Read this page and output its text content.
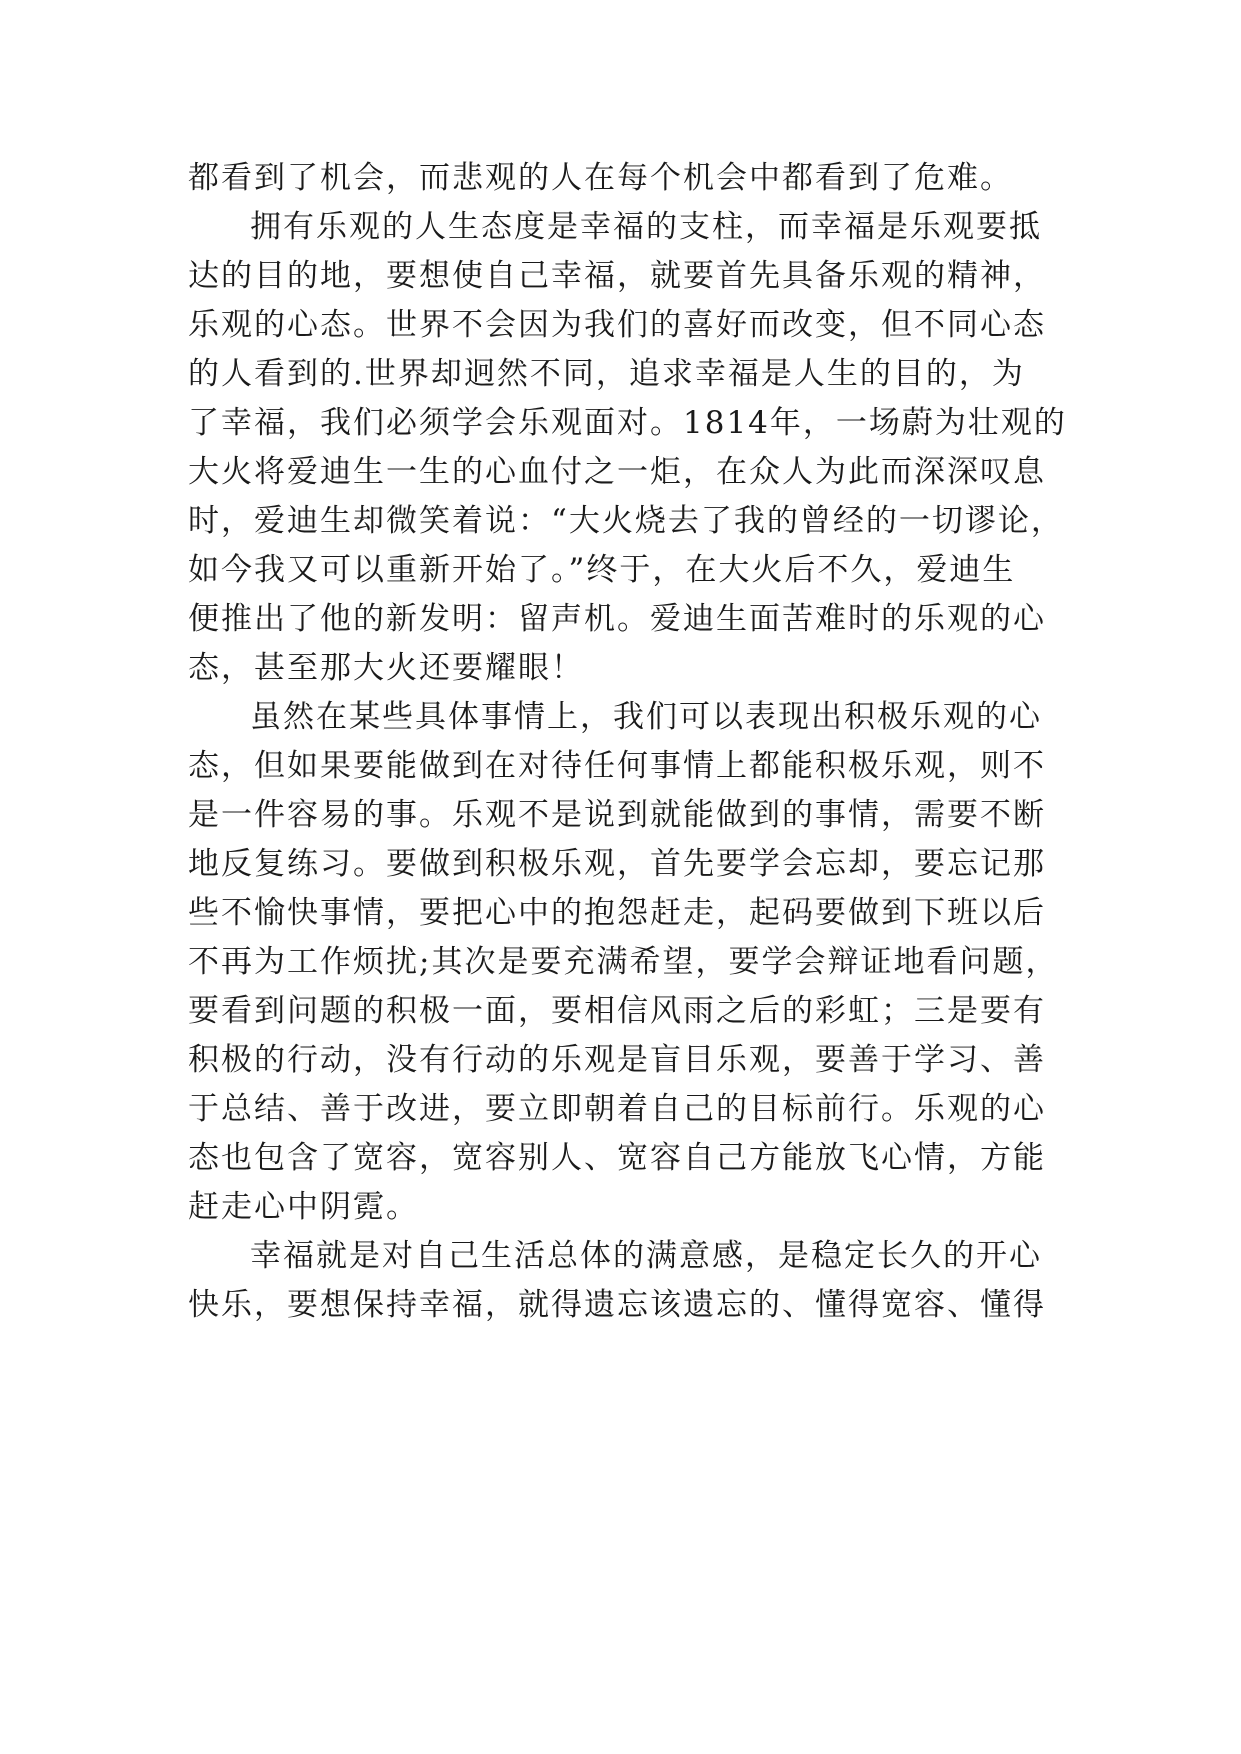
都看到了机会，而悲观的人在每个机会中都看到了危难。
拥有乐观的人生态度是幸福的支柱，而幸福是乐观要抵
达的目的地，要想使自己幸福，就要首先具备乐观的精神，
乐观的心态。世界不会因为我们的喜好而改变，但不同心态
的人看到的.世界却迥然不同，追求幸福是人生的目的，为
了幸福，我们必须学会乐观面对。1814年，一场蔚为壮观的
大火将爱迪生一生的心血付之一炬，在众人为此而深深叹息
时，爱迪生却微笑着说：“大火烧去了我的曾经的一切谬论，
如今我又可以重新开始了。”终于，在大火后不久，爱迪生
便推出了他的新发明：留声机。爱迪生面苦难时的乐观的心
态，甚至那大火还要耀眼！
虽然在某些具体事情上，我们可以表现出积极乐观的心
态，但如果要能做到在对待任何事情上都能积极乐观，则不
是一件容易的事。乐观不是说到就能做到的事情，需要不断
地反复练习。要做到积极乐观，首先要学会忘却，要忘记那
些不愉快事情，要把心中的抱怨赶走，起码要做到下班以后
不再为工作烦扰;其次是要充满希望，要学会辩证地看问题，
要看到问题的积极一面，要相信风雨之后的彩虹；三是要有
积极的行动，没有行动的乐观是盲目乐观，要善于学习、善
于总结、善于改进，要立即朝着自己的目标前行。乐观的心
态也包含了宽容，宽容别人、宽容自己方能放飞心情，方能
赶走心中阴霓。
幸福就是对自己生活总体的满意感，是稳定长久的开心
快乐，要想保持幸福，就得遗忘该遗忘的、懂得宽容、懂得
